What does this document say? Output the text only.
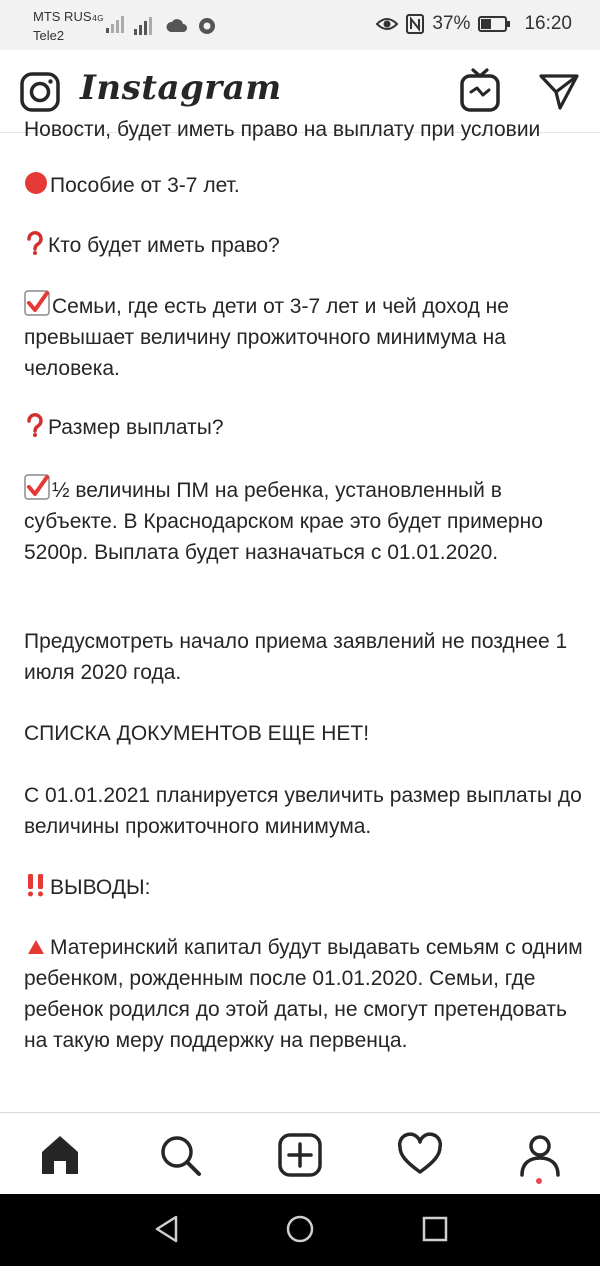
MTS RUS
Tele2
4G	37%	16:20
Instagram
Новости, будет иметь право на выплату при условии

Пособие от 3-7 лет.

Кто будет иметь право?

Семьи, где есть дети от 3-7 лет и чей доход не превышает величину прожиточного минимума на человека.

Размер выплаты?

½ величины ПМ на ребенка, установленный в субъекте. В Краснодарском крае это будет примерно 5200р. Выплата будет назначаться с 01.01.2020.

Предусмотреть начало приема заявлений не позднее 1 июля 2020 года.

СПИСКА ДОКУМЕНТОВ ЕЩЕ НЕТ!

С 01.01.2021 планируется увеличить размер выплаты до величины прожиточного минимума.

ВЫВОДЫ:

Материнский капитал будут выдавать семьям с одним ребенком, рожденным после 01.01.2020. Семьи, где ребенок родился до этой даты, не смогут претендовать на такую меру поддержку на первенца.
